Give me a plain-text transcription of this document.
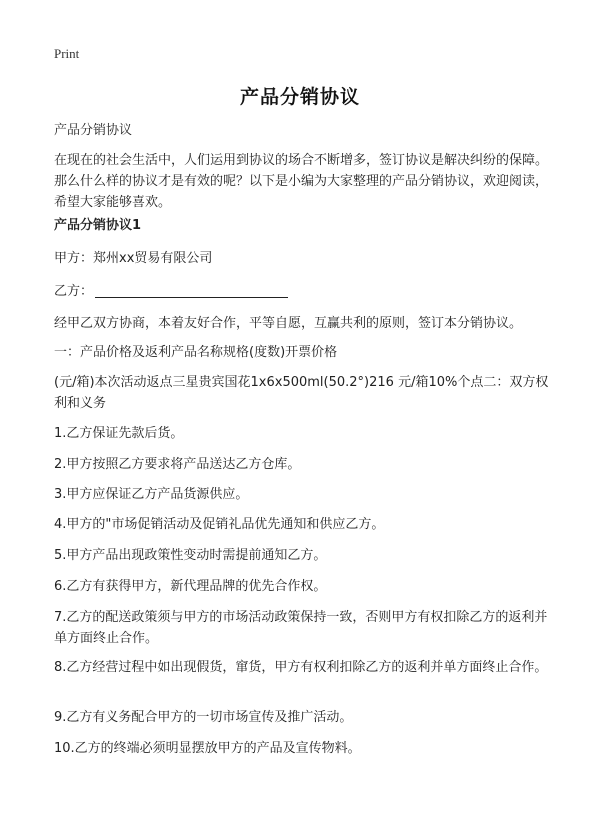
Print
产品分销协议

产品分销协议

在现在的社会生活中，人们运用到协议的场合不断增多，签订协议是解决纠纷的保障。那么什么样的协议才是有效的呢？以下是小编为大家整理的产品分销协议，欢迎阅读，希望大家能够喜欢。

产品分销协议1

甲方：郑州xx贸易有限公司

乙方：

经甲乙双方协商，本着友好合作，平等自愿，互赢共利的原则，签订本分销协议。

一：产品价格及返利产品名称规格(度数)开票价格

(元/箱)本次活动返点三星贵宾国花1x6x500ml(50.2°)216 元/箱10%个点二：双方权利和义务

1.乙方保证先款后货。

2.甲方按照乙方要求将产品送达乙方仓库。

3.甲方应保证乙方产品货源供应。

4.甲方的"市场促销活动及促销礼品优先通知和供应乙方。

5.甲方产品出现政策性变动时需提前通知乙方。

6.乙方有获得甲方，新代理品牌的优先合作权。

7.乙方的配送政策须与甲方的市场活动政策保持一致，否则甲方有权扣除乙方的返利并单方面终止合作。

8.乙方经营过程中如出现假货，窜货，甲方有权利扣除乙方的返利并单方面终止合作。

9.乙方有义务配合甲方的一切市场宣传及推广活动。

10.乙方的终端必须明显摆放甲方的产品及宣传物料。
